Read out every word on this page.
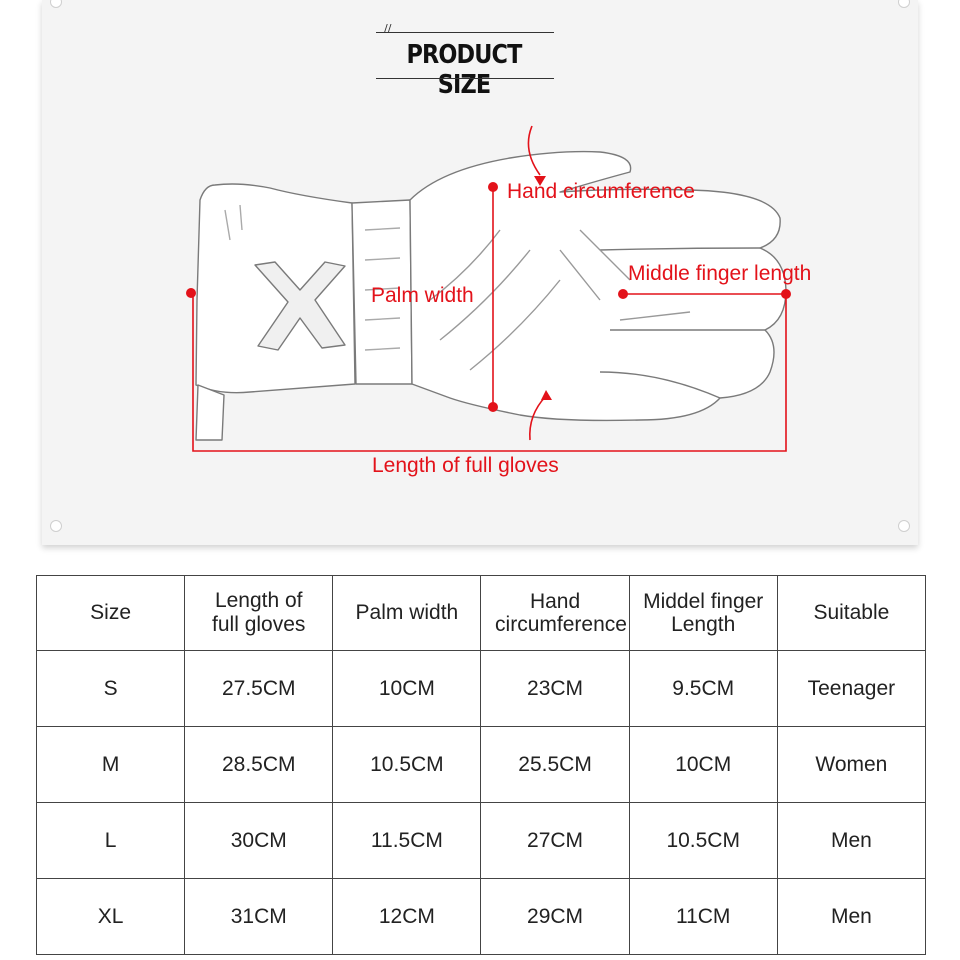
//
PRODUCT SIZE
Hand circumference
Middle finger length
Palm width
Length of full gloves
Size	Length of full gloves	Palm width	Hand circumference	Middel finger Length	Suitable
S	27.5CM	10CM	23CM	9.5CM	Teenager
M	28.5CM	10.5CM	25.5CM	10CM	Women
L	30CM	11.5CM	27CM	10.5CM	Men
XL	31CM	12CM	29CM	11CM	Men
